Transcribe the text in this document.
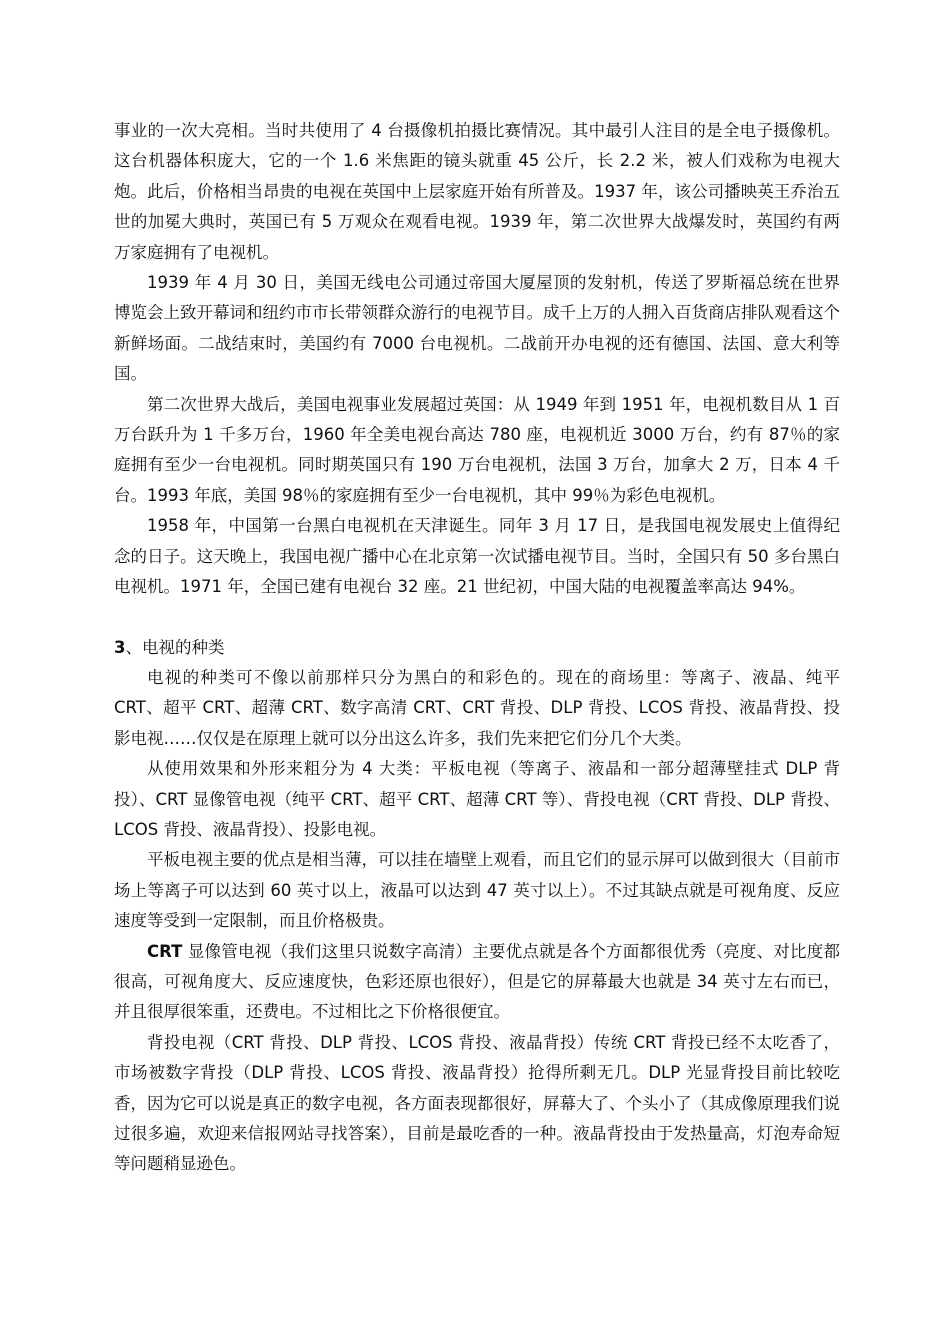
事业的一次大亮相。当时共使用了 4 台摄像机拍摄比赛情况。其中最引人注目的是全电子摄像机。这台机器体积庞大，它的一个 1.6 米焦距的镜头就重 45 公斤，长 2.2 米，被人们戏称为电视大炮。此后，价格相当昂贵的电视在英国中上层家庭开始有所普及。1937 年，该公司播映英王乔治五世的加冕大典时，英国已有 5 万观众在观看电视。1939 年，第二次世界大战爆发时，英国约有两万家庭拥有了电视机。

1939 年 4 月 30 日，美国无线电公司通过帝国大厦屋顶的发射机，传送了罗斯福总统在世界博览会上致开幕词和纽约市市长带领群众游行的电视节目。成千上万的人拥入百货商店排队观看这个新鲜场面。二战结束时，美国约有 7000 台电视机。二战前开办电视的还有德国、法国、意大利等国。

第二次世界大战后，美国电视事业发展超过英国：从 1949 年到 1951 年，电视机数目从 1 百万台跃升为 1 千多万台，1960 年全美电视台高达 780 座，电视机近 3000 万台，约有 87％的家庭拥有至少一台电视机。同时期英国只有 190 万台电视机，法国 3 万台，加拿大 2 万，日本 4 千台。1993 年底，美国 98％的家庭拥有至少一台电视机，其中 99％为彩色电视机。

1958 年，中国第一台黑白电视机在天津诞生。同年 3 月 17 日，是我国电视发展史上值得纪念的日子。这天晚上，我国电视广播中心在北京第一次试播电视节目。当时，全国只有 50 多台黑白电视机。1971 年，全国已建有电视台 32 座。21 世纪初，中国大陆的电视覆盖率高达 94%。

3、电视的种类

电视的种类可不像以前那样只分为黑白的和彩色的。现在的商场里：等离子、液晶、纯平 CRT、超平 CRT、超薄 CRT、数字高清 CRT、CRT 背投、DLP 背投、LCOS 背投、液晶背投、投影电视……仅仅是在原理上就可以分出这么许多，我们先来把它们分几个大类。

从使用效果和外形来粗分为 4 大类：平板电视（等离子、液晶和一部分超薄壁挂式 DLP 背投）、CRT 显像管电视（纯平 CRT、超平 CRT、超薄 CRT 等）、背投电视（CRT 背投、DLP 背投、LCOS 背投、液晶背投）、投影电视。

平板电视主要的优点是相当薄，可以挂在墙壁上观看，而且它们的显示屏可以做到很大（目前市场上等离子可以达到 60 英寸以上，液晶可以达到 47 英寸以上）。不过其缺点就是可视角度、反应速度等受到一定限制，而且价格极贵。

CRT 显像管电视（我们这里只说数字高清）主要优点就是各个方面都很优秀（亮度、对比度都很高，可视角度大、反应速度快，色彩还原也很好），但是它的屏幕最大也就是 34 英寸左右而已，并且很厚很笨重，还费电。不过相比之下价格很便宜。

背投电视（CRT 背投、DLP 背投、LCOS 背投、液晶背投）传统 CRT 背投已经不太吃香了，市场被数字背投（DLP 背投、LCOS 背投、液晶背投）抢得所剩无几。DLP 光显背投目前比较吃香，因为它可以说是真正的数字电视，各方面表现都很好，屏幕大了、个头小了（其成像原理我们说过很多遍，欢迎来信报网站寻找答案），目前是最吃香的一种。液晶背投由于发热量高，灯泡寿命短等问题稍显逊色。
